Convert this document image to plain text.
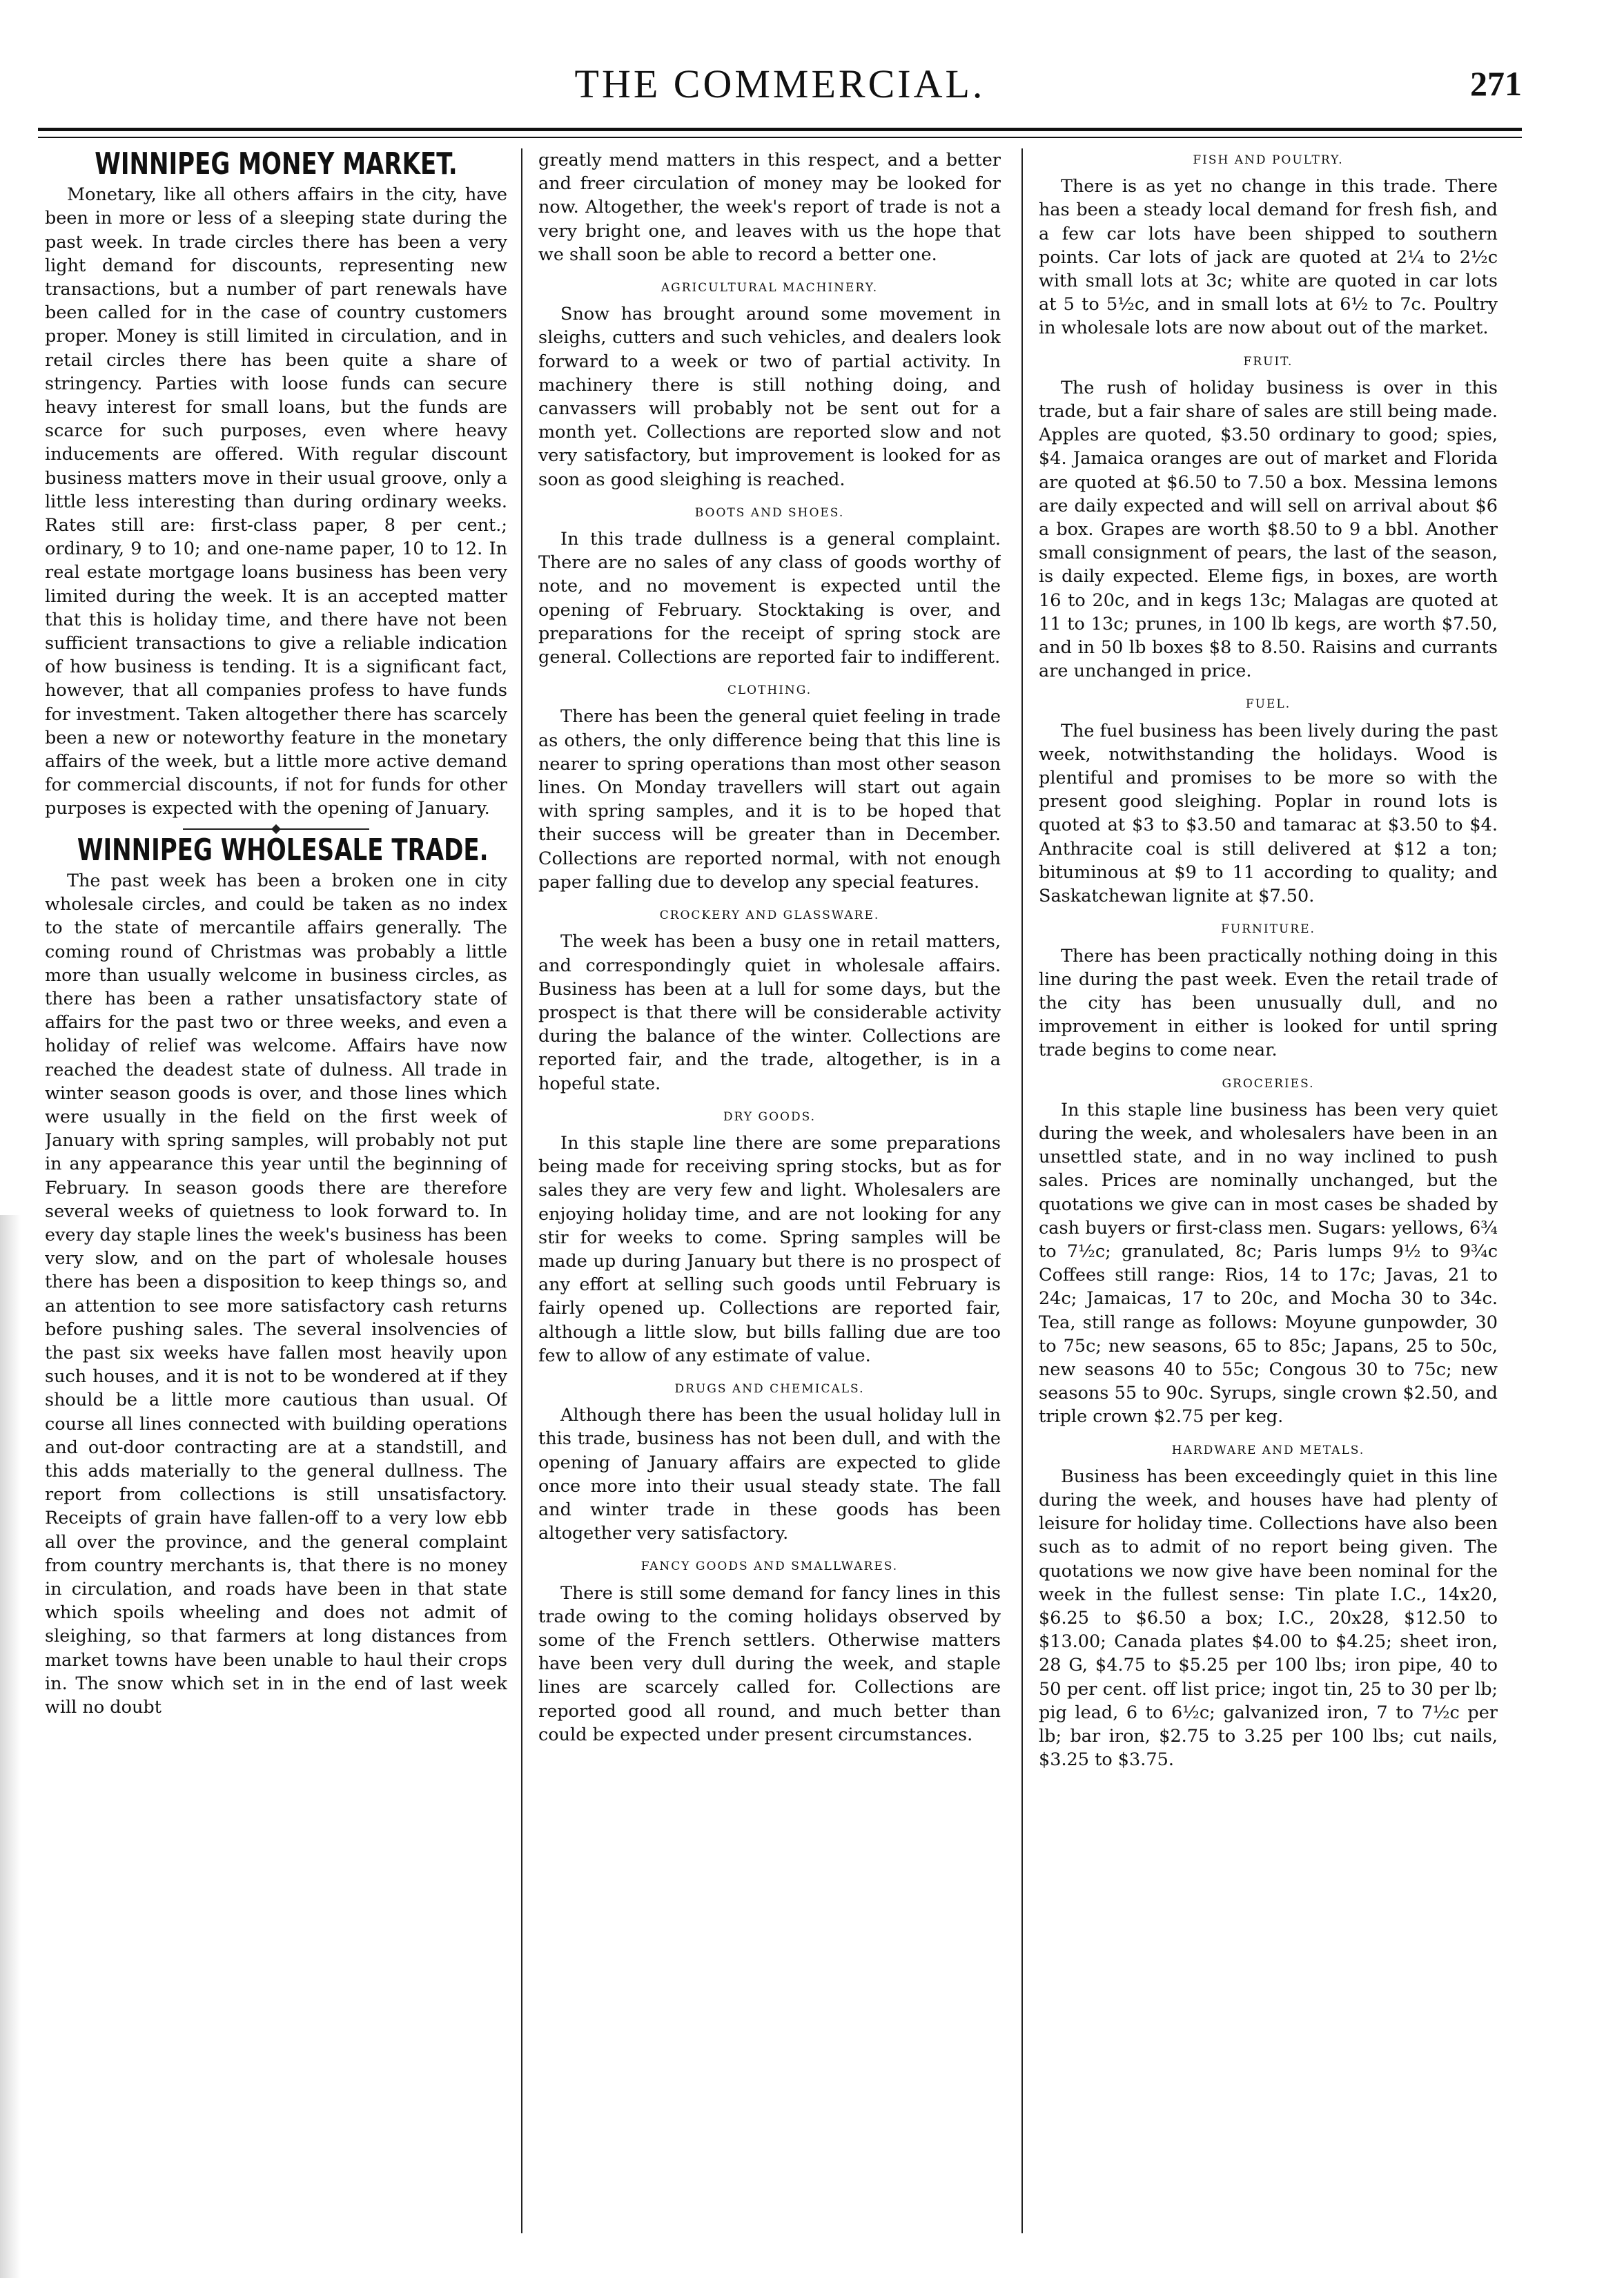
THE COMMERCIAL.	271
WINNIPEG MONEY MARKET.

Monetary, like all others affairs in the city, have been in more or less of a sleeping state during the past week. In trade circles there has been a very light demand for discounts, representing new transactions, but a number of part renewals have been called for in the case of country customers proper. Money is still limited in circulation, and in retail circles there has been quite a share of stringency. Parties with loose funds can secure heavy interest for small loans, but the funds are scarce for such purposes, even where heavy inducements are offered. With regular discount business matters move in their usual groove, only a little less interesting than during ordinary weeks. Rates still are: first-class paper, 8 per cent.; ordinary, 9 to 10; and one-name paper, 10 to 12. In real estate mortgage loans business has been very limited during the week. It is an accepted matter that this is holiday time, and there have not been sufficient transactions to give a reliable indication of how business is tending. It is a significant fact, however, that all companies profess to have funds for investment. Taken altogether there has scarcely been a new or noteworthy feature in the monetary affairs of the week, but a little more active demand for commercial discounts, if not for funds for other purposes is expected with the opening of January.

WINNIPEG WHOLESALE TRADE.

The past week has been a broken one in city wholesale circles, and could be taken as no index to the state of mercantile affairs generally. The coming round of Christmas was probably a little more than usually welcome in business circles, as there has been a rather unsatisfactory state of affairs for the past two or three weeks, and even a holiday of relief was welcome. Affairs have now reached the deadest state of dulness. All trade in winter season goods is over, and those lines which were usually in the field on the first week of January with spring samples, will probably not put in any appearance this year until the beginning of February. In season goods there are therefore several weeks of quietness to look forward to. In every day staple lines the week's business has been very slow, and on the part of wholesale houses there has been a disposition to keep things so, and an attention to see more satisfactory cash returns before pushing sales. The several insolvencies of the past six weeks have fallen most heavily upon such houses, and it is not to be wondered at if they should be a little more cautious than usual. Of course all lines connected with building operations and out-door contracting are at a standstill, and this adds materially to the general dullness. The report from collections is still unsatisfactory. Receipts of grain have fallen-off to a very low ebb all over the province, and the general complaint from country merchants is, that there is no money in circulation, and roads have been in that state which spoils wheeling and does not admit of sleighing, so that farmers at long distances from market towns have been unable to haul their crops in. The snow which set in in the end of last week will no doubt

greatly mend matters in this respect, and a better and freer circulation of money may be looked for now. Altogether, the week's report of trade is not a very bright one, and leaves with us the hope that we shall soon be able to record a better one.

AGRICULTURAL MACHINERY.

Snow has brought around some movement in sleighs, cutters and such vehicles, and dealers look forward to a week or two of partial activity. In machinery there is still nothing doing, and canvassers will probably not be sent out for a month yet. Collections are reported slow and not very satisfactory, but improvement is looked for as soon as good sleighing is reached.

BOOTS AND SHOES.

In this trade dullness is a general complaint. There are no sales of any class of goods worthy of note, and no movement is expected until the opening of February. Stocktaking is over, and preparations for the receipt of spring stock are general. Collections are reported fair to indifferent.

CLOTHING.

There has been the general quiet feeling in trade as others, the only difference being that this line is nearer to spring operations than most other season lines. On Monday travellers will start out again with spring samples, and it is to be hoped that their success will be greater than in December. Collections are reported normal, with not enough paper falling due to develop any special features.

CROCKERY AND GLASSWARE.

The week has been a busy one in retail matters, and correspondingly quiet in wholesale affairs. Business has been at a lull for some days, but the prospect is that there will be considerable activity during the balance of the winter. Collections are reported fair, and the trade, altogether, is in a hopeful state.

DRY GOODS.

In this staple line there are some preparations being made for receiving spring stocks, but as for sales they are very few and light. Wholesalers are enjoying holiday time, and are not looking for any stir for weeks to come. Spring samples will be made up during January but there is no prospect of any effort at selling such goods until February is fairly opened up. Collections are reported fair, although a little slow, but bills falling due are too few to allow of any estimate of value.

DRUGS AND CHEMICALS.

Although there has been the usual holiday lull in this trade, business has not been dull, and with the opening of January affairs are expected to glide once more into their usual steady state. The fall and winter trade in these goods has been altogether very satisfactory.

FANCY GOODS AND SMALLWARES.

There is still some demand for fancy lines in this trade owing to the coming holidays observed by some of the French settlers. Otherwise matters have been very dull during the week, and staple lines are scarcely called for. Collections are reported good all round, and much better than could be expected under present circumstances.

FISH AND POULTRY.

There is as yet no change in this trade. There has been a steady local demand for fresh fish, and a few car lots have been shipped to southern points. Car lots of jack are quoted at 2¼ to 2½c with small lots at 3c; white are quoted in car lots at 5 to 5½c, and in small lots at 6½ to 7c. Poultry in wholesale lots are now about out of the market.

FRUIT.

The rush of holiday business is over in this trade, but a fair share of sales are still being made. Apples are quoted, $3.50 ordinary to good; spies, $4. Jamaica oranges are out of market and Florida are quoted at $6.50 to 7.50 a box. Messina lemons are daily expected and will sell on arrival about $6 a box. Grapes are worth $8.50 to 9 a bbl. Another small consignment of pears, the last of the season, is daily expected. Eleme figs, in boxes, are worth 16 to 20c, and in kegs 13c; Malagas are quoted at 11 to 13c; prunes, in 100 lb kegs, are worth $7.50, and in 50 lb boxes $8 to 8.50. Raisins and currants are unchanged in price.

FUEL.

The fuel business has been lively during the past week, notwithstanding the holidays. Wood is plentiful and promises to be more so with the present good sleighing. Poplar in round lots is quoted at $3 to $3.50 and tamarac at $3.50 to $4. Anthracite coal is still delivered at $12 a ton; bituminous at $9 to 11 according to quality; and Saskatchewan lignite at $7.50.

FURNITURE.

There has been practically nothing doing in this line during the past week. Even the retail trade of the city has been unusually dull, and no improvement in either is looked for until spring trade begins to come near.

GROCERIES.

In this staple line business has been very quiet during the week, and wholesalers have been in an unsettled state, and in no way inclined to push sales. Prices are nominally unchanged, but the quotations we give can in most cases be shaded by cash buyers or first-class men. Sugars: yellows, 6¾ to 7½c; granulated, 8c; Paris lumps 9½ to 9¾c Coffees still range: Rios, 14 to 17c; Javas, 21 to 24c; Jamaicas, 17 to 20c, and Mocha 30 to 34c. Tea, still range as follows: Moyune gunpowder, 30 to 75c; new seasons, 65 to 85c; Japans, 25 to 50c, new seasons 40 to 55c; Congous 30 to 75c; new seasons 55 to 90c. Syrups, single crown $2.50, and triple crown $2.75 per keg.

HARDWARE AND METALS.

Business has been exceedingly quiet in this line during the week, and houses have had plenty of leisure for holiday time. Collections have also been such as to admit of no report being given. The quotations we now give have been nominal for the week in the fullest sense: Tin plate I.C., 14x20, $6.25 to $6.50 a box; I.C., 20x28, $12.50 to $13.00; Canada plates $4.00 to $4.25; sheet iron, 28 G, $4.75 to $5.25 per 100 lbs; iron pipe, 40 to 50 per cent. off list price; ingot tin, 25 to 30 per lb; pig lead, 6 to 6½c; galvanized iron, 7 to 7½c per lb; bar iron, $2.75 to 3.25 per 100 lbs; cut nails, $3.25 to $3.75.
